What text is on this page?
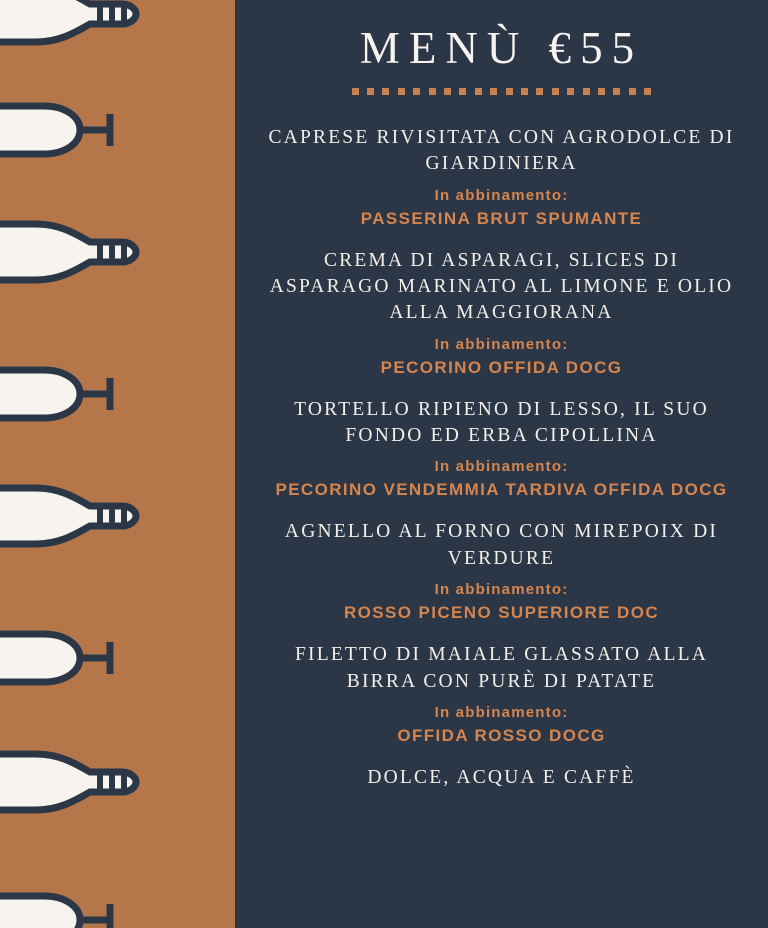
MENÙ €55
CAPRESE RIVISITATA CON AGRODOLCE DI GIARDINIERA
In abbinamento:
PASSERINA BRUT SPUMANTE
CREMA DI ASPARAGI, SLICES DI ASPARAGO MARINATO AL LIMONE E OLIO ALLA MAGGIORANA
In abbinamento:
PECORINO OFFIDA DOCG
TORTELLO RIPIENO DI LESSO, IL SUO FONDO ED ERBA CIPOLLINA
In abbinamento:
PECORINO VENDEMMIA TARDIVA OFFIDA DOCG
AGNELLO AL FORNO CON MIREPOIX DI VERDURE
In abbinamento:
ROSSO PICENO SUPERIORE DOC
FILETTO DI MAIALE GLASSATO ALLA BIRRA CON PURÈ DI PATATE
In abbinamento:
OFFIDA ROSSO DOCG
DOLCE, ACQUA E CAFFÈ
